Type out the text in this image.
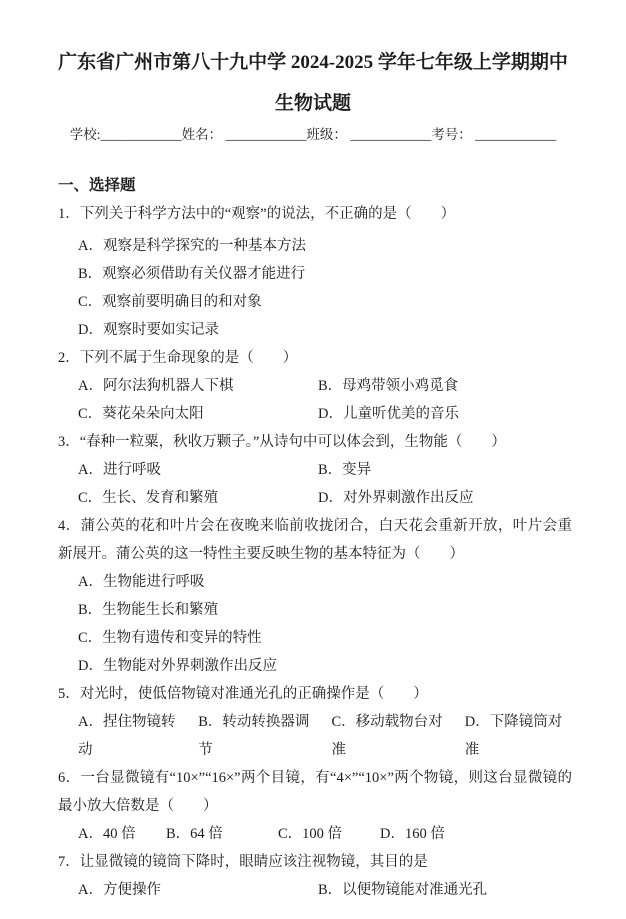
广东省广州市第八十九中学 2024-2025 学年七年级上学期期中
生物试题
学校:____________姓名： ____________班级： ____________考号： ____________
一、选择题

1．下列关于科学方法中的“观察”的说法，不正确的是（　　）

A．观察是科学探究的一种基本方法
B．观察必须借助有关仪器才能进行
C．观察前要明确目的和对象
D．观察时要如实记录

2．下列不属于生命现象的是（　　）

A．阿尔法狗机器人下棋	B．母鸡带领小鸡觅食
C．葵花朵朵向太阳	D．儿童听优美的音乐

3．“春种一粒粟，秋收万颗子。”从诗句中可以体会到，生物能（　　）

A．进行呼吸	B．变异
C．生长、发育和繁殖	D．对外界刺激作出反应

4．蒲公英的花和叶片会在夜晚来临前收拢闭合，白天花会重新开放，叶片会重新展开。蒲公英的这一特性主要反映生物的基本特征为（　　）

A．生物能进行呼吸
B．生物能生长和繁殖
C．生物有遗传和变异的特性
D．生物能对外界刺激作出反应

5．对光时，使低倍物镜对准通光孔的正确操作是（　　）

A．捏住物镜转动
B．转动转换器调节
C．移动载物台对准
D．下降镜筒对准

6．一台显微镜有“10×”“16×”两个目镜，有“4×”“10×”两个物镜，则这台显微镜的最小放大倍数是（　　）

A．40 倍	B．64 倍	C．100 倍	D．160 倍

7．让显微镜的镜筒下降时，眼睛应该注视物镜，其目的是

A．方便操作	B．以便物镜能对准通光孔
